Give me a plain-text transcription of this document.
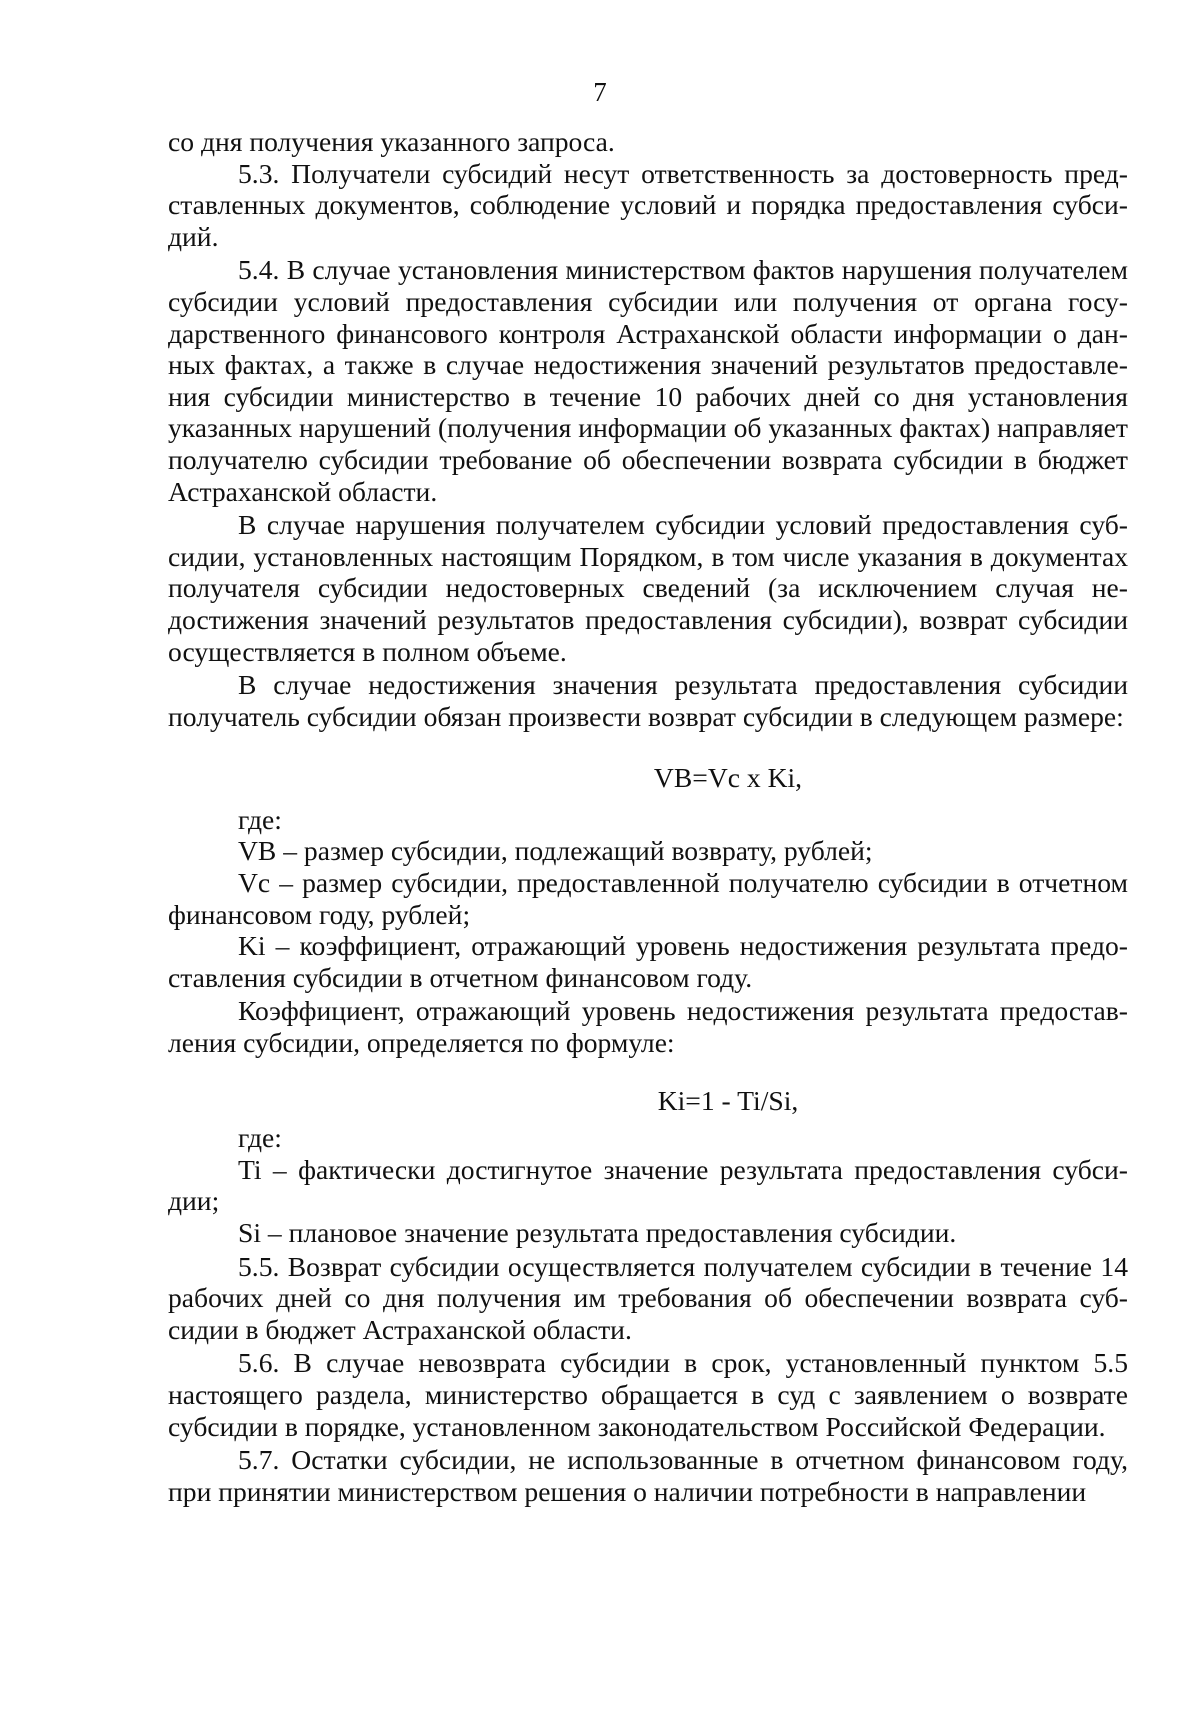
7

со дня получения указанного запроса.

5.3. Получатели субсидий несут ответственность за достоверность представленных документов, соблюдение условий и порядка предоставления субсидий.

5.4. В случае установления министерством фактов нарушения получателем субсидии условий предоставления субсидии или получения от органа государственного финансового контроля Астраханской области информации о данных фактах, а также в случае недостижения значений результатов предоставления субсидии министерство в течение 10 рабочих дней со дня установления указанных нарушений (получения информации об указанных фактах) направляет получателю субсидии требование об обеспечении возврата субсидии в бюджет Астраханской области.

В случае нарушения получателем субсидии условий предоставления субсидии, установленных настоящим Порядком, в том числе указания в документах получателя субсидии недостоверных сведений (за исключением случая недостижения значений результатов предоставления субсидии), возврат субсидии осуществляется в полном объеме.

В случае недостижения значения результата предоставления субсидии получатель субсидии обязан произвести возврат субсидии в следующем размере:

VB=Vc x Ki,

где:

VB – размер субсидии, подлежащий возврату, рублей;

Vc – размер субсидии, предоставленной получателю субсидии в отчетном финансовом году, рублей;

Ki – коэффициент, отражающий уровень недостижения результата предоставления субсидии в отчетном финансовом году.

Коэффициент, отражающий уровень недостижения результата предоставления субсидии, определяется по формуле:

Ki=1 - Ti/Si,

где:

Ti – фактически достигнутое значение результата предоставления субсидии;

Si – плановое значение результата предоставления субсидии.

5.5. Возврат субсидии осуществляется получателем субсидии в течение 14 рабочих дней со дня получения им требования об обеспечении возврата субсидии в бюджет Астраханской области.

5.6. В случае невозврата субсидии в срок, установленный пунктом 5.5 настоящего раздела, министерство обращается в суд с заявлением о возврате субсидии в порядке, установленном законодательством Российской Федерации.

5.7. Остатки субсидии, не использованные в отчетном финансовом году, при принятии министерством решения о наличии потребности в направлении
